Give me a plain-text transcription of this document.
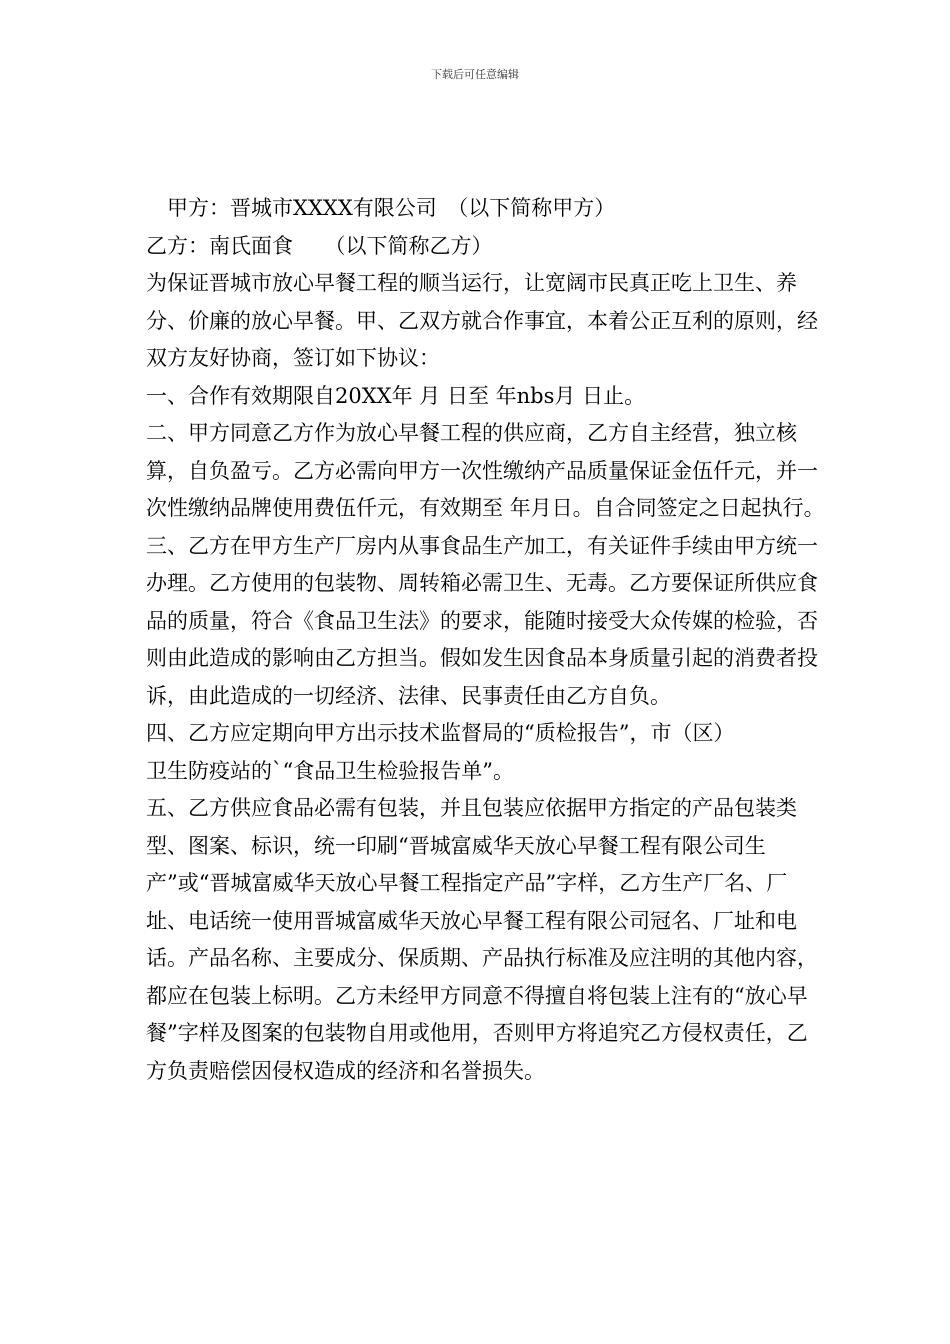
下载后可任意编辑

甲方：晋城市XXXX有限公司　（以下简称甲方）

乙方：南氏面食　　（以下简称乙方）

为保证晋城市放心早餐工程的顺当运行，让宽阔市民真正吃上卫生、养分、价廉的放心早餐。甲、乙双方就合作事宜，本着公正互利的原则，经双方友好协商，签订如下协议：

一、合作有效期限自20XX年 月 日至 年nbs月 日止。

二、甲方同意乙方作为放心早餐工程的供应商，乙方自主经营，独立核算，自负盈亏。乙方必需向甲方一次性缴纳产品质量保证金伍仟元，并一次性缴纳品牌使用费伍仟元，有效期至 年月日。自合同签定之日起执行。

三、乙方在甲方生产厂房内从事食品生产加工，有关证件手续由甲方统一办理。乙方使用的包装物、周转箱必需卫生、无毒。乙方要保证所供应食品的质量，符合《食品卫生法》的要求，能随时接受大众传媒的检验，否则由此造成的影响由乙方担当。假如发生因食品本身质量引起的消费者投诉，由此造成的一切经济、法律、民事责任由乙方自负。

四、乙方应定期向甲方出示技术监督局的“质检报告”，市（区）

卫生防疫站的`“食品卫生检验报告单”。

五、乙方供应食品必需有包装，并且包装应依据甲方指定的产品包装类型、图案、标识，统一印刷“晋城富威华天放心早餐工程有限公司生产”或“晋城富威华天放心早餐工程指定产品”字样，乙方生产厂名、厂址、电话统一使用晋城富威华天放心早餐工程有限公司冠名、厂址和电话。产品名称、主要成分、保质期、产品执行标准及应注明的其他内容，都应在包装上标明。乙方未经甲方同意不得擅自将包装上注有的“放心早餐”字样及图案的包装物自用或他用，否则甲方将追究乙方侵权责任，乙方负责赔偿因侵权造成的经济和名誉损失。
